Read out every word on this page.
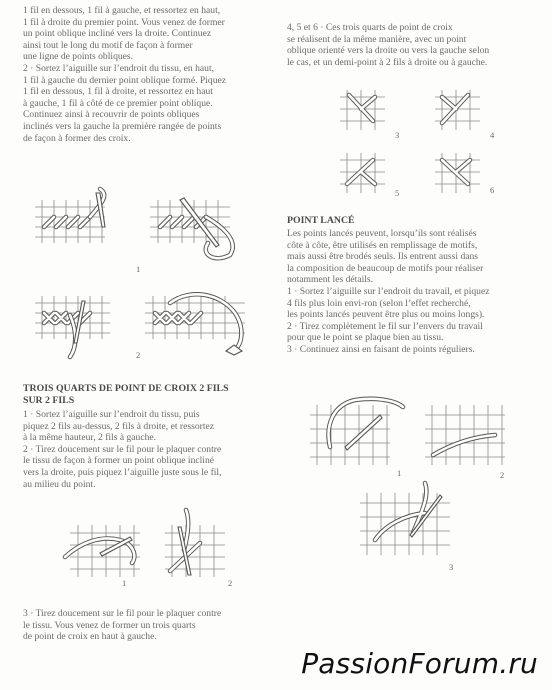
1 fil en dessous, 1 fil à gauche, et ressortez en haut,
1 fil à droite du premier point. Vous venez de former
un point oblique incliné vers la droite. Continuez
ainsi tout le long du motif de façon à former
une ligne de points obliques.
2 · Sortez l’aiguille sur l’endroit du tissu, en haut,
1 fil à gauche du dernier point oblique formé. Piquez
1 fil en dessous, 1 fil à droite, et ressortez en haut
à gauche, 1 fil à côté de ce premier point oblique.
Continuez ainsi à recouvrir de points obliques
inclinés vers la gauche la première rangée de points
de façon à former des croix.
1
2
TROIS QUARTS DE POINT DE CROIX 2 FILS
SUR 2 FILS
1 · Sortez l’aiguille sur l’endroit du tissu, puis
piquez 2 fils au-dessus, 2 fils à droite, et ressortez
à la même hauteur, 2 fils à gauche.
2 · Tirez doucement sur le fil pour le plaquer contre
le tissu de façon à former un point oblique incliné
vers la droite, puis piquez l’aiguille juste sous le fil,
au milieu du point.
1	2
3 · Tirez doucement sur le fil pour le plaquer contre
le tissu. Vous venez de former un trois quarts
de point de croix en haut à gauche.
4, 5 et 6 · Ces trois quarts de point de croix
se réalisent de la même manière, avec un point
oblique orienté vers la droite ou vers la gauche selon
le cas, et un demi-point à 2 fils à droite ou à gauche.
3	4
5	6
POINT LANCÉ
Les points lancés peuvent, lorsqu’ils sont réalisés
côte à côte, être utilisés en remplissage de motifs,
mais aussi être brodés seuls. Ils entrent aussi dans
la composition de beaucoup de motifs pour réaliser
notamment les détails.
1 · Sortez l’aiguille sur l’endroit du travail, et piquez
4 fils plus loin envi-ron (selon l’effet recherché,
les points lancés peuvent être plus ou moins longs).
2 · Tirez complètement le fil sur l’envers du travail
pour que le point se plaque bien au tissu.
3 · Continuez ainsi en faisant de points réguliers.
1	2
3
PassionForum.ru
